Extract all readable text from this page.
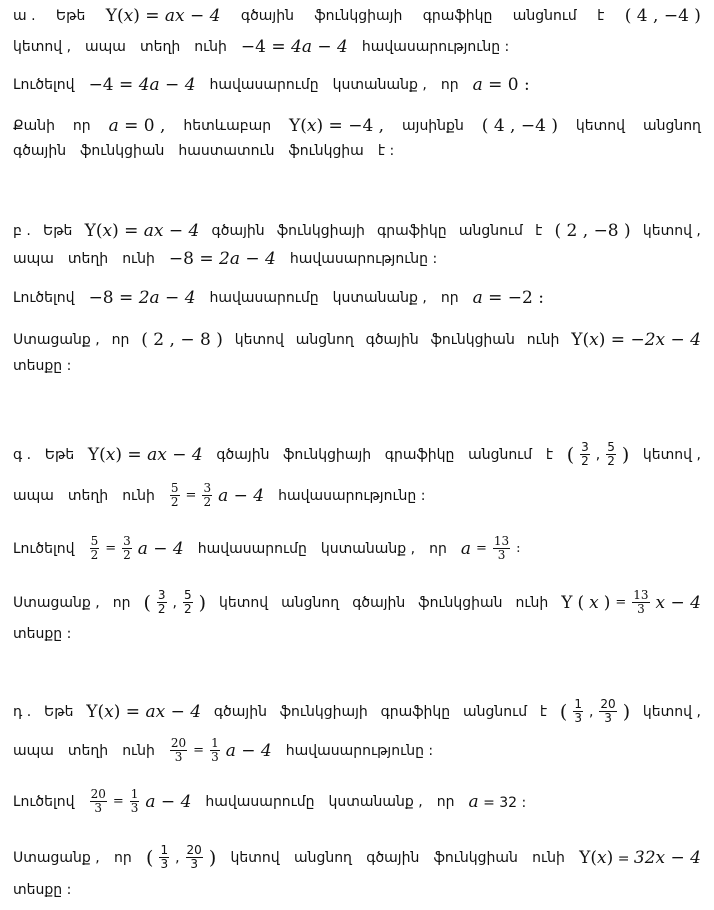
ա . Եթե Y(x) = ax − 4 գծային ֆունկցիայի գրաֆիկը անցնում է ( 4 , −4 )
կետով , ապա տեղի ունի −4 = 4a − 4 հավասարությունը :
Լուծելով −4 = 4a − 4 հավասարումը կստանանք , որ a = 0 :
Քանի որ a = 0 , հետևաբար Y(x) = −4 , այսինքն ( 4 , −4 ) կետով անցնող
գծային ֆունկցիան հաստատուն ֆունկցիա է :
բ . Եթե Y(x) = ax − 4 գծային ֆունկցիայի գրաֆիկը անցնում է ( 2 , −8 ) կետով ,
ապա տեղի ունի −8 = 2a − 4 հավասարությունը :
Լուծելով −8 = 2a − 4 հավասարումը կստանանք , որ a = −2 :
Ստացանք , որ ( 2 , − 8 ) կետով անցնող գծային ֆունկցիան ունի Y(x) = −2x − 4
տեսքը :
գ . Եթե Y(x) = ax − 4 գծային ֆունկցիայի գրաֆիկը անցնում է ( $\frac{3}{2}$ , $\frac{5}{2}$ ) կետով ,
ապա տեղի ունի $\frac{5}{2} = \frac{3}{2}$ a − 4 հավասարությունը :
Լուծելով $\frac{5}{2} = \frac{3}{2}$ a − 4 հավասարումը կստանանք , որ $a = \frac{13}{3}$ :
Ստացանք , որ ( $\frac{3}{2}$ , $\frac{5}{2}$ ) կետով անցնող գծային ֆունկցիան ունի Y ( x ) = $\frac{13}{3}$ x − 4
տեսքը :
դ . Եթե Y(x) = ax − 4 գծային ֆունկցիայի գրաֆիկը անցնում է ( $\frac{1}{3}$ , $\frac{20}{3}$ ) կետով ,
ապա տեղի ունի $\frac{20}{3} = \frac{1}{3}$ a − 4 հավասարությունը :
Լուծելով $\frac{20}{3} = \frac{1}{3}$ a − 4 հավասարումը կստանանք , որ a = 32 :
Ստացանք , որ ( $\frac{1}{3}$ , $\frac{20}{3}$ ) կետով անցնող գծային ֆունկցիան ունի Y(x) = 32x − 4
տեսքը :
